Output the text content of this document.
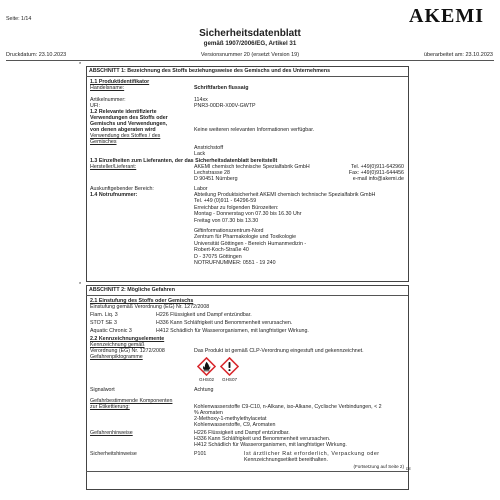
Seite: 1/14	AKEMI
Sicherheitsdatenblatt
gemäß 1907/2006/EG, Artikel 31
Druckdatum: 23.10.2023	Versionsnummer 20 (ersetzt Version 19)	überarbeitet am: 23.10.2023
*
ABSCHNITT 1: Bezeichnung des Stoffs beziehungsweise des Gemischs und des Unternehmens
1.1 Produktidentifikator
Handelsname:	Schriftfarben flussaig
Artikelnummer:	114xx
UFI:	PNR3-00DR-X00V-GWTP
1.2 Relevante identifizierte
Verwendungen des Stoffs oder
Gemischs und Verwendungen,
von denen abgeraten wird	Keine weiteren relevanten Informationen verfügbar.
Verwendung des Stoffes / des
Gemisches
Anstrichstoff
Lack
1.3 Einzelheiten zum Lieferanten, der das Sicherheitsdatenblatt bereitstellt
Hersteller/Lieferant:	AKEMI chemisch technische Spezialfabrik GmbH
Lechstrasse 28
D 90451 Nürnberg
Tel. +49(0)911-642960
Fax: +49(0)911-644456
e-mail info@akemi.de
Auskunftgebender Bereich:	Labor
1.4 Notrufnummer:	Abteilung Produktsicherheit AKEMI chemisch technische Spezialfabrik GmbH
Tel. +49 (0)911 - 64296-59
Erreichbar zu folgenden Bürozeiten:
Montag - Donnerstag von 07.30 bis 16.30 Uhr
Freitag von 07.30 bis 13.30
Giftinformationszentrum-Nord
Zentrum für Pharmakologie und Toxikologie
Universität Göttingen - Bereich Humanmedizin -
Robert-Koch-Straße 40
D - 37075 Göttingen
NOTRUFNUMMER: 0551 - 19 240
*
ABSCHNITT 2: Mögliche Gefahren
2.1 Einstufung des Stoffs oder Gemischs
Einstufung gemäß Verordnung (EG) Nr. 1272/2008
Flam. Liq. 3	H226 Flüssigkeit und Dampf entzündbar.
STOT SE 3	H336 Kann Schläfrigkeit und Benommenheit verursachen.
Aquatic Chronic 3	H412 Schädlich für Wasserorganismen, mit langfristiger Wirkung.
2.2 Kennzeichnungselemente
Kennzeichnung gemäß
Verordnung (EG) Nr. 1272/2008	Das Produkt ist gemäß CLP-Verordnung eingestuft und gekennzeichnet.
Gefahrenpiktogramme
GHS02 GHS07
Signalwort	Achtung
Gefahrbestimmende Komponenten
zur Etikettierung:	Kohlenwasserstoffe C9-C10, n-Alkane, iso-Alkane, Cyclische Verbindungen, < 2
% Aromaten
2-Methoxy-1-methylethylacetat
Kohlenwasserstoffe, C9, Aromaten
Gefahrenhinweise	H226 Flüssigkeit und Dampf entzündbar.
H336 Kann Schläfrigkeit und Benommenheit verursachen.
H412 Schädlich für Wasserorganismen, mit langfristiger Wirkung.
Sicherheitshinweise	P101	Ist ärztlicher Rat erforderlich, Verpackung oder
Kennzeichnungsetikett bereithalten.
(Fortsetzung auf Seite 2) DE
